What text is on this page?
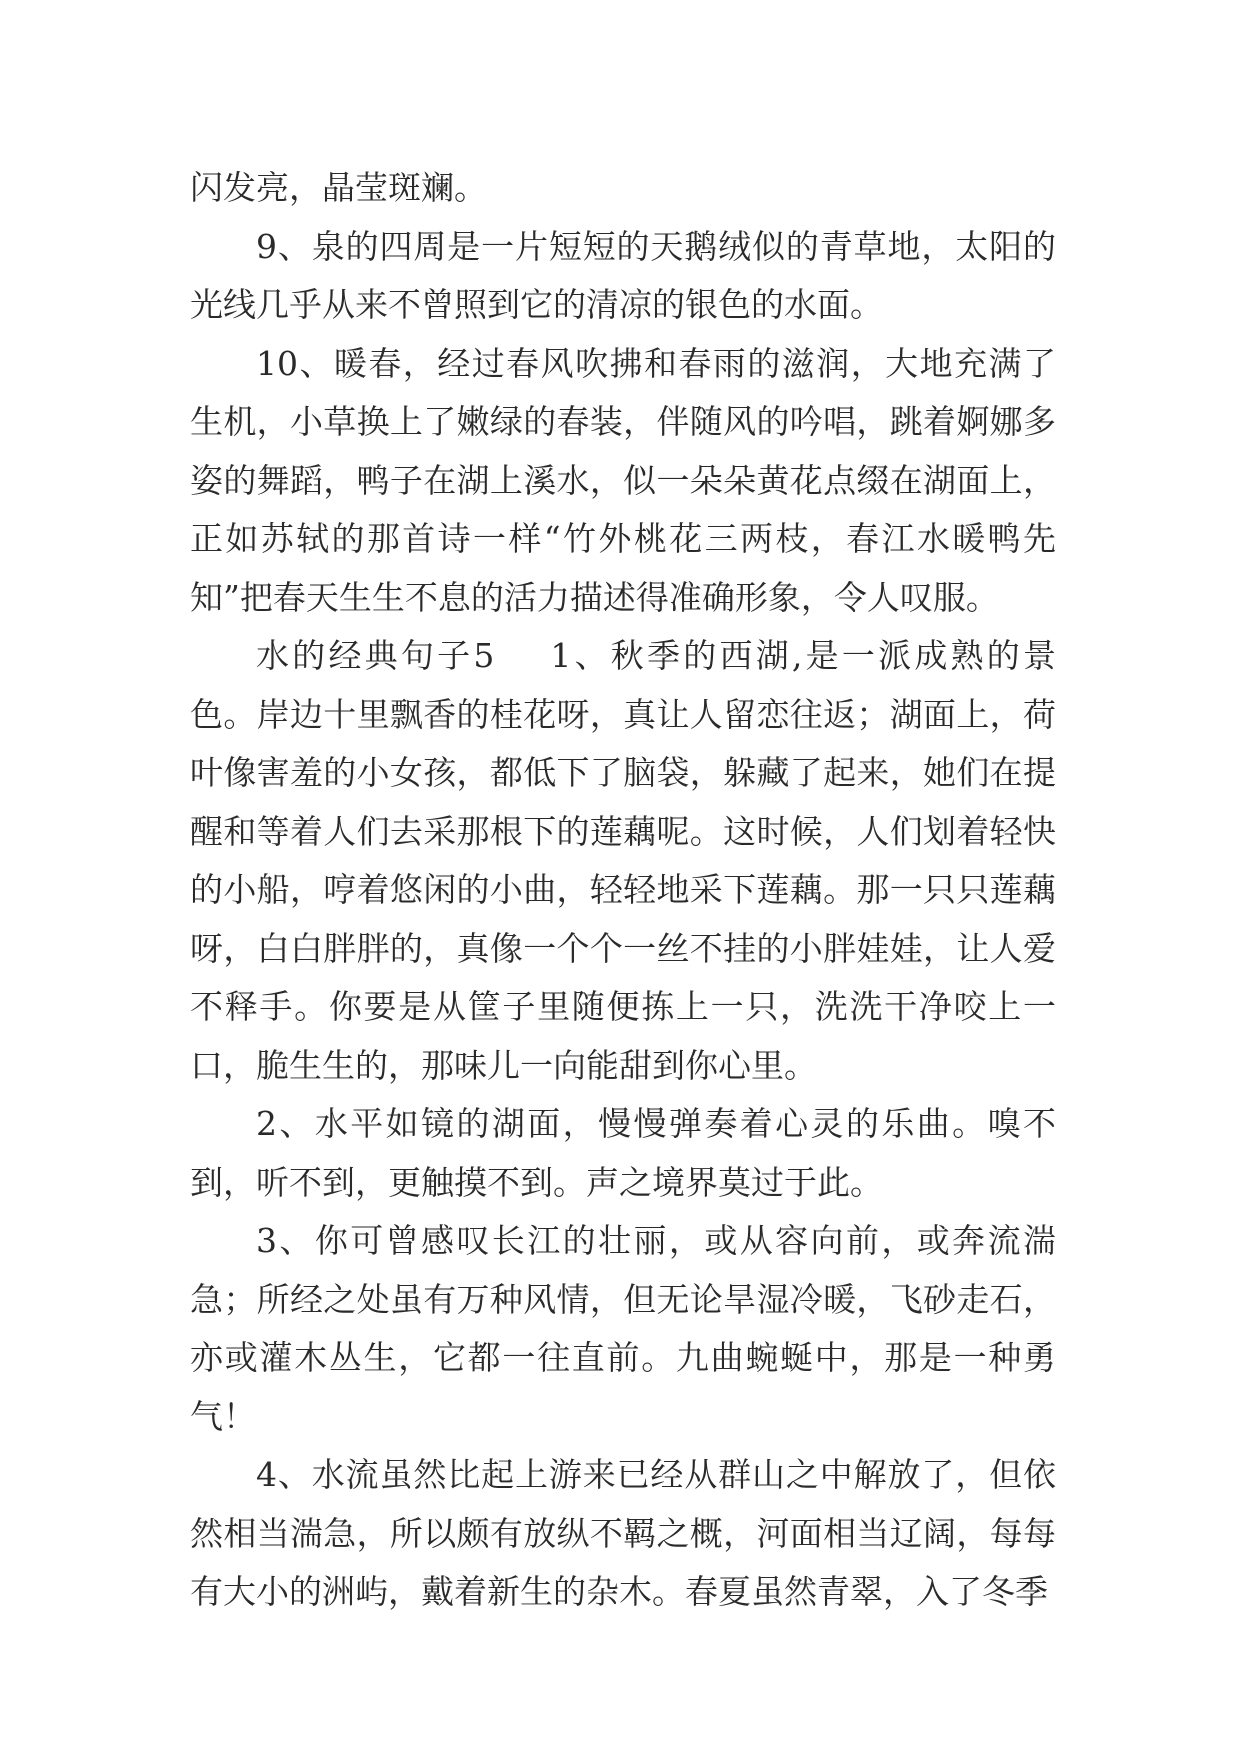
闪发亮，晶莹斑斓。

9、泉的四周是一片短短的天鹅绒似的青草地，太阳的光线几乎从来不曾照到它的清凉的银色的水面。

10、暖春，经过春风吹拂和春雨的滋润，大地充满了生机，小草换上了嫩绿的春装，伴随风的吟唱，跳着婀娜多姿的舞蹈，鸭子在湖上溪水，似一朵朵黄花点缀在湖面上，正如苏轼的那首诗一样“竹外桃花三两枝，春江水暖鸭先知”把春天生生不息的活力描述得准确形象，令人叹服。

水的经典句子5 1、秋季的西湖,是一派成熟的景色。岸边十里飘香的桂花呀，真让人留恋往返；湖面上，荷叶像害羞的小女孩，都低下了脑袋，躲藏了起来，她们在提醒和等着人们去采那根下的莲藕呢。这时候，人们划着轻快的小船，哼着悠闲的小曲，轻轻地采下莲藕。那一只只莲藕呀，白白胖胖的，真像一个个一丝不挂的小胖娃娃，让人爱不释手。你要是从筐子里随便拣上一只，洗洗干净咬上一口，脆生生的，那味儿一向能甜到你心里。

2、水平如镜的湖面，慢慢弹奏着心灵的乐曲。嗅不到，听不到，更触摸不到。声之境界莫过于此。

3、你可曾感叹长江的壮丽，或从容向前，或奔流湍急；所经之处虽有万种风情，但无论旱湿冷暖，飞砂走石，亦或灌木丛生，它都一往直前。九曲蜿蜒中，那是一种勇气！

4、水流虽然比起上游来已经从群山之中解放了，但依然相当湍急，所以颇有放纵不羁之概，河面相当辽阔，每每有大小的洲屿，戴着新生的杂木。春夏虽然青翠，入了冬季
